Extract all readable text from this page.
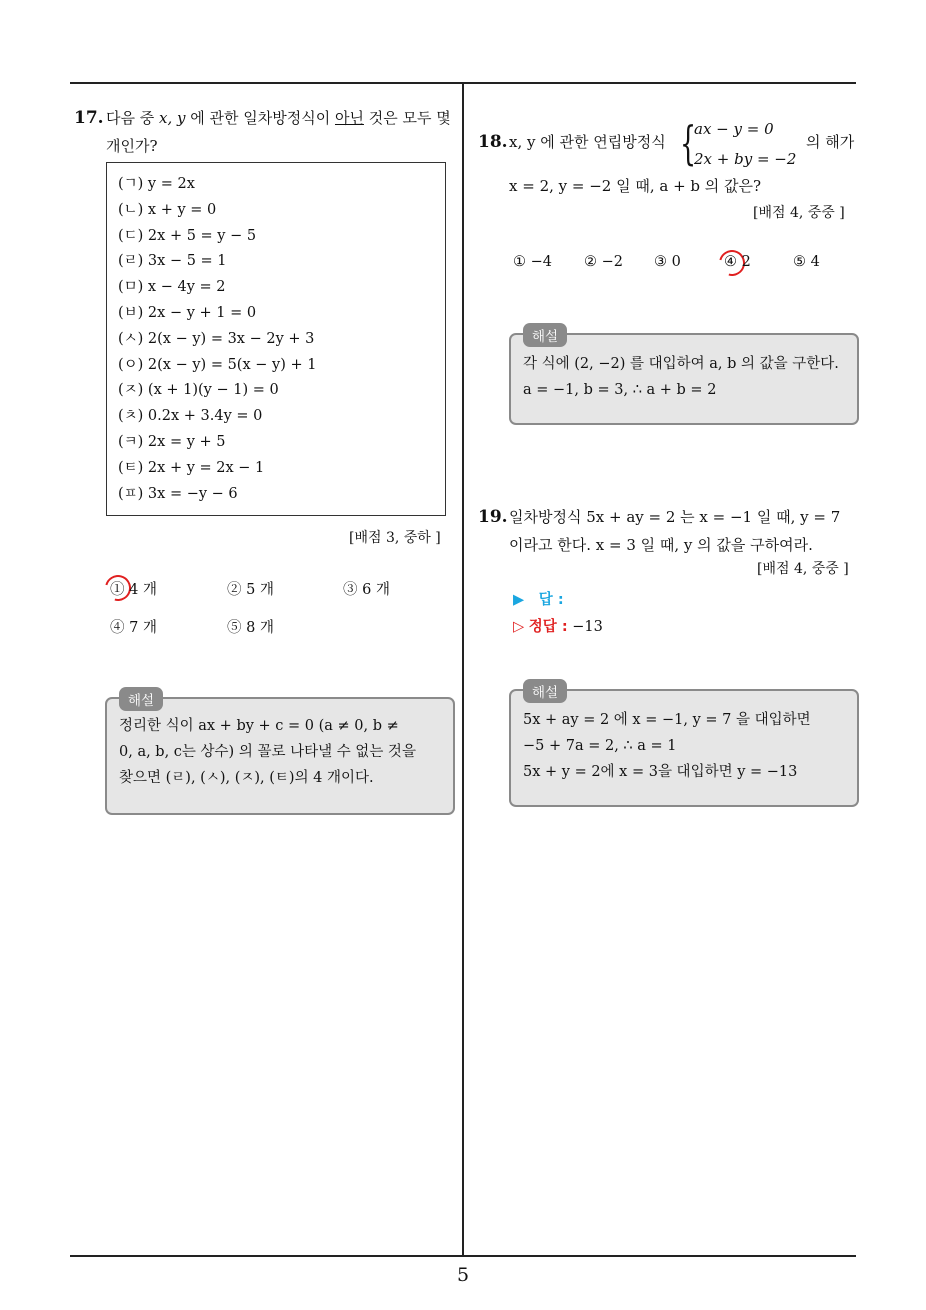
5
17. 다음 중 x, y 에 관한 일차방정식이 아닌 것은 모두 몇
개인가?
(ㄱ) y = 2x
(ㄴ) x + y = 0
(ㄷ) 2x + 5 = y − 5
(ㄹ) 3x − 5 = 1
(ㅁ) x − 4y = 2
(ㅂ) 2x − y + 1 = 0
(ㅅ) 2(x − y) = 3x − 2y + 3
(ㅇ) 2(x − y) = 5(x − y) + 1
(ㅈ) (x + 1)(y − 1) = 0
(ㅊ) 0.2x + 3.4y = 0
(ㅋ) 2x = y + 5
(ㅌ) 2x + y = 2x − 1
(ㅍ) 3x = −y − 6
[배점 3, 중하 ]
① 4 개	② 5 개	③ 6 개
④ 7 개	⑤ 8 개
해설
정리한 식이 ax + by + c = 0 (a ≠ 0, b ≠
0, a, b, c는 상수) 의 꼴로 나타낼 수 없는 것을
찾으면 (ㄹ), (ㅅ), (ㅈ), (ㅌ)의 4 개이다.
18. x, y 에 관한 연립방정식 {
ax − y = 0
2x + by = −2
의 해가
x = 2, y = −2 일 때, a + b 의 값은?
[배점 4, 중중 ]
① −4 ② −2 ③ 0	④ 2	⑤ 4
해설
각 식에 (2, −2) 를 대입하여 a, b 의 값을 구한다.
a = −1, b = 3, ∴ a + b = 2
19. 일차방정식 5x + ay = 2 는 x = −1 일 때, y = 7
이라고 한다. x = 3 일 때, y 의 값을 구하여라.
[배점 4, 중중 ]
▶ 답 :
▷ 정답 : −13
해설
5x + ay = 2 에 x = −1, y = 7 을 대입하면
−5 + 7a = 2, ∴ a = 1
5x + y = 2에 x = 3을 대입하면 y = −13
